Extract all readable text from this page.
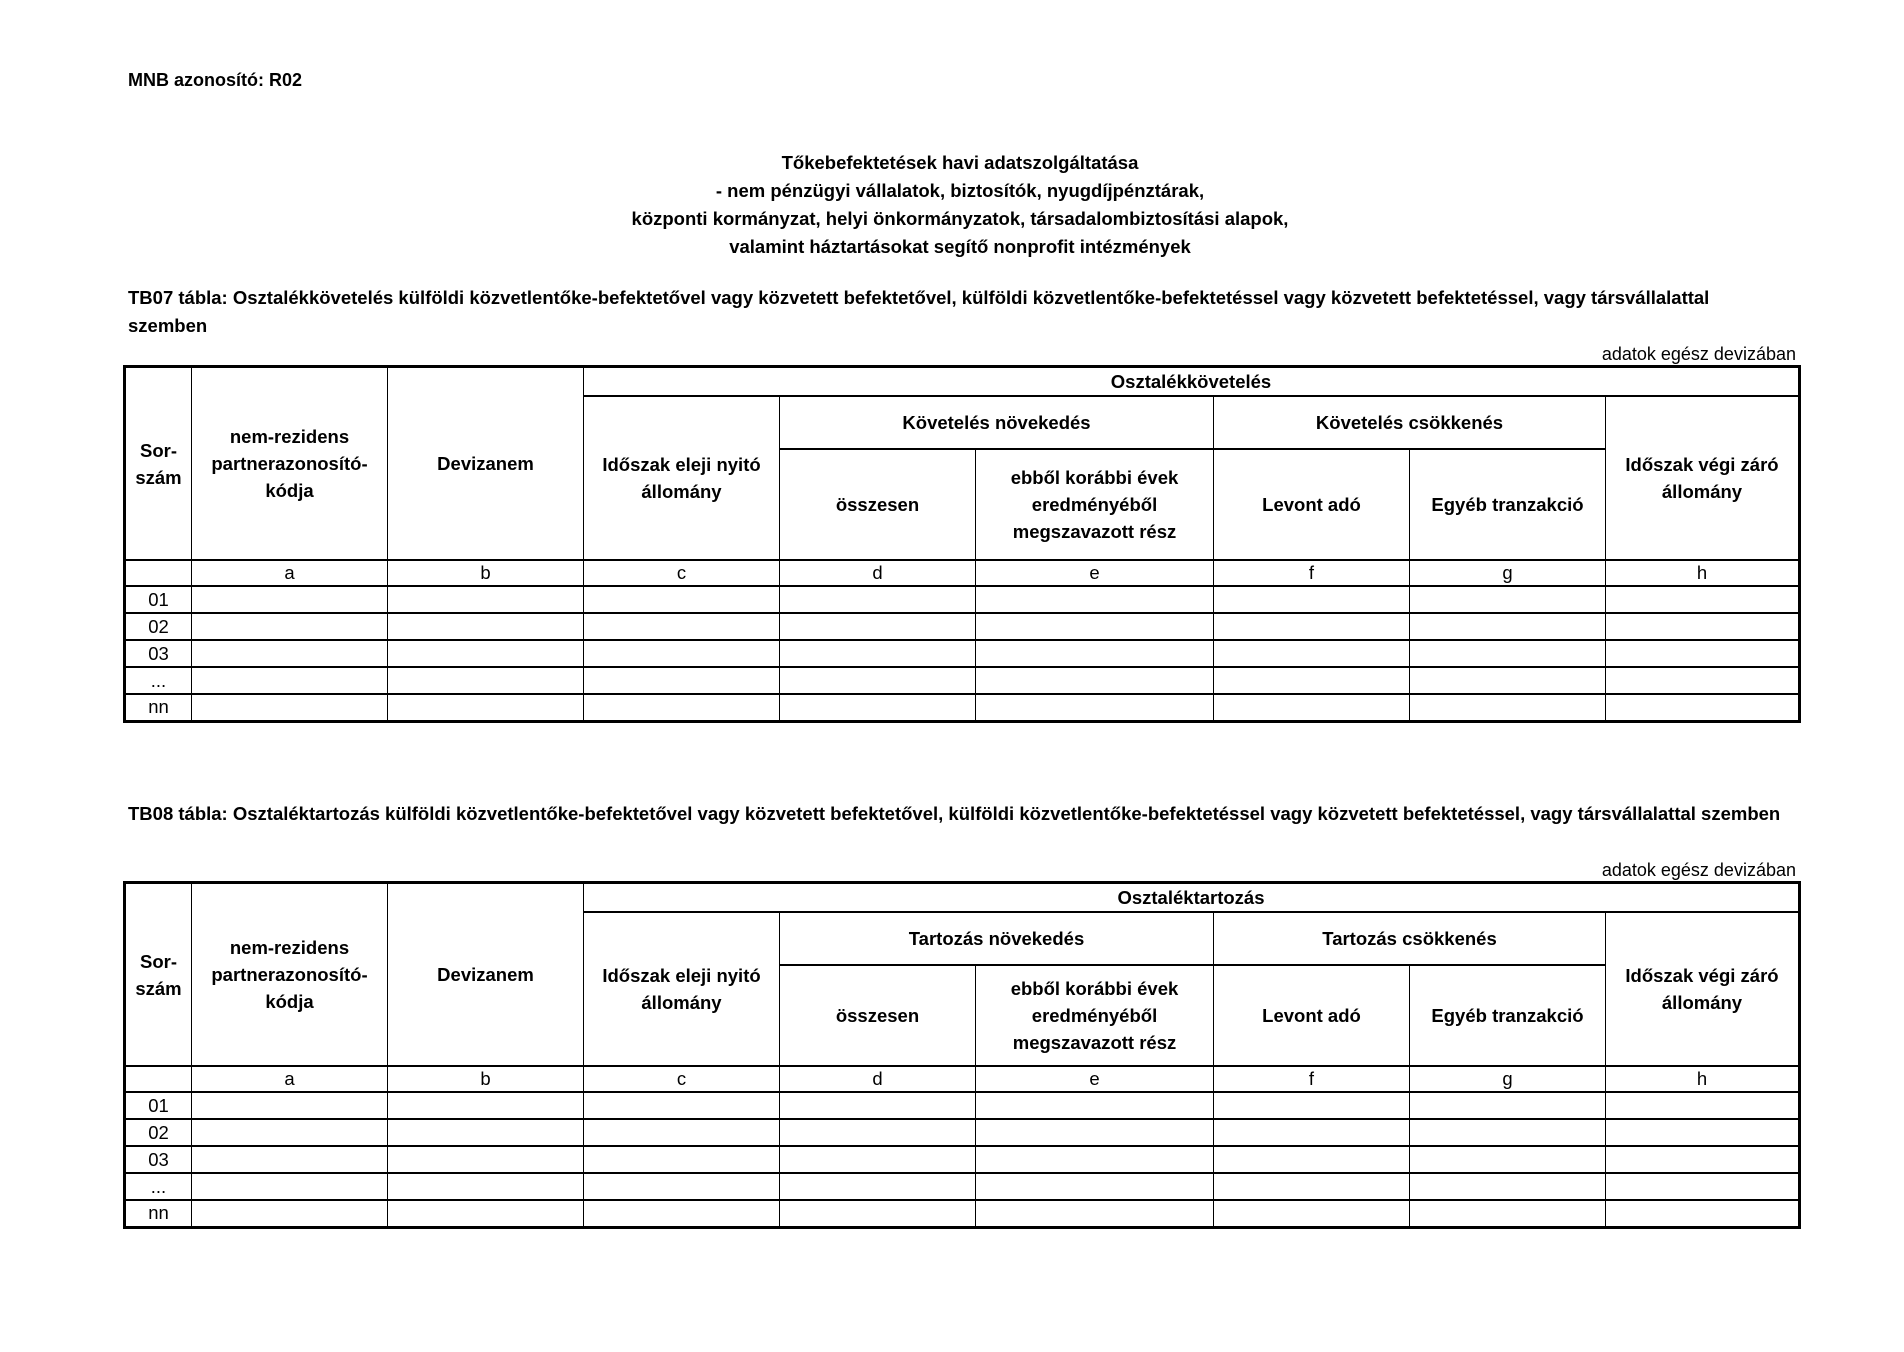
MNB azonosító: R02
Tőkebefektetések havi adatszolgáltatása
- nem pénzügyi vállalatok, biztosítók, nyugdíjpénztárak,
központi kormányzat, helyi önkormányzatok, társadalombiztosítási alapok,
valamint háztartásokat segítő nonprofit intézmények
TB07 tábla: Osztalékkövetelés külföldi közvetlentőke-befektetővel vagy közvetett befektetővel, külföldi közvetlentőke-befektetéssel vagy közvetett befektetéssel, vagy társvállalattal szemben
adatok egész devizában
Sor-szám	nem-rezidens partnerazonosító-kódja	Devizanem	Osztalékkövetelés					
			Időszak eleji nyitó állomány	Követelés növekedés		Követelés csökkenés		Időszak végi záró állomány
				összesen	ebből korábbi évek eredményéből megszavazott rész	Levont adó	Egyéb tranzakció	
	a	b	c	d	e	f	g	h
01								
02								
03								
...								
nn								
TB08 tábla: Osztaléktartozás külföldi közvetlentőke-befektetővel vagy közvetett befektetővel, külföldi közvetlentőke-befektetéssel vagy közvetett befektetéssel, vagy társvállalattal szemben
adatok egész devizában
Sor-szám	nem-rezidens partnerazonosító-kódja	Devizanem	Osztaléktartozás					
			Időszak eleji nyitó állomány	Tartozás növekedés		Tartozás csökkenés		Időszak végi záró állomány
				összesen	ebből korábbi évek eredményéből megszavazott rész	Levont adó	Egyéb tranzakció	
	a	b	c	d	e	f	g	h
01								
02								
03								
...								
nn								
